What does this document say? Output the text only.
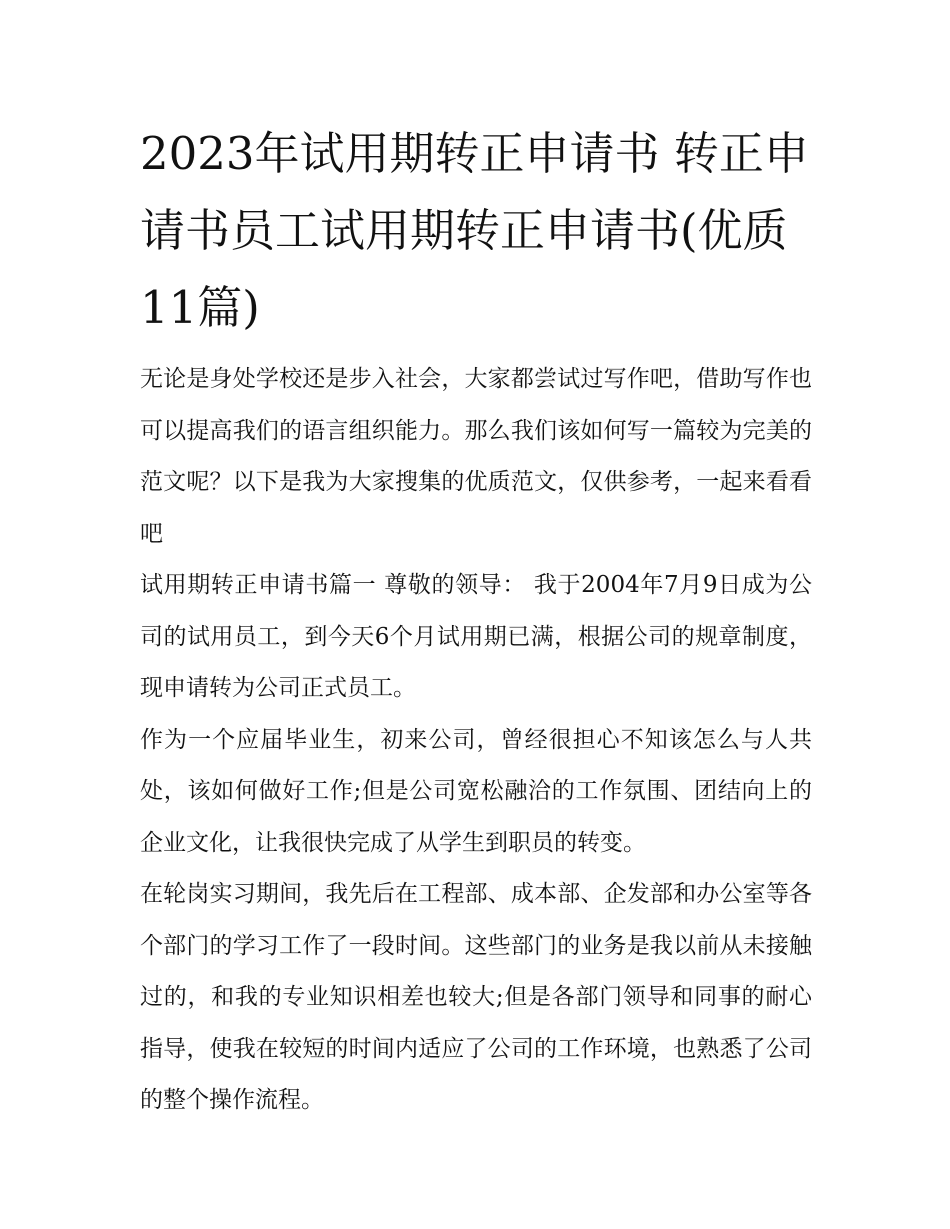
2023年试用期转正申请书 转正申请书员工试用期转正申请书(优质11篇)

无论是身处学校还是步入社会，大家都尝试过写作吧，借助写作也可以提高我们的语言组织能力。那么我们该如何写一篇较为完美的范文呢？以下是我为大家搜集的优质范文，仅供参考，一起来看看吧

试用期转正申请书篇一 尊敬的领导： 我于2004年7月9日成为公司的试用员工，到今天6个月试用期已满，根据公司的规章制度，现申请转为公司正式员工。

作为一个应届毕业生，初来公司，曾经很担心不知该怎么与人共处，该如何做好工作;但是公司宽松融洽的工作氛围、团结向上的企业文化，让我很快完成了从学生到职员的转变。

在轮岗实习期间，我先后在工程部、成本部、企发部和办公室等各个部门的学习工作了一段时间。这些部门的业务是我以前从未接触过的，和我的专业知识相差也较大;但是各部门领导和同事的耐心指导，使我在较短的时间内适应了公司的工作环境，也熟悉了公司的整个操作流程。
